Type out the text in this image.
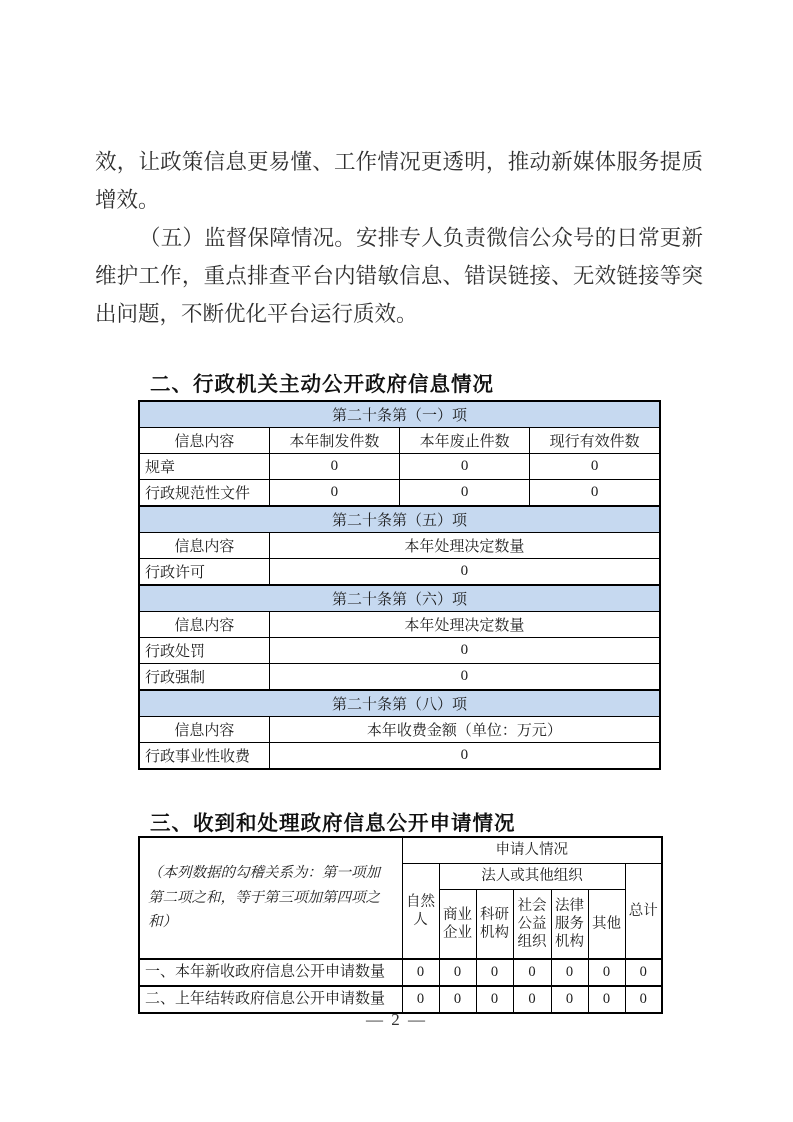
效，让政策信息更易懂、工作情况更透明，推动新媒体服务提质增效。

（五）监督保障情况。安排专人负责微信公众号的日常更新维护工作，重点排查平台内错敏信息、错误链接、无效链接等突出问题，不断优化平台运行质效。

二、行政机关主动公开政府信息情况
第二十条第（一）项			
信息内容	本年制发件数	本年废止件数	现行有效件数
规章	0	0	0
行政规范性文件	0	0	0
第二十条第（五）项			
信息内容	本年处理决定数量		
行政许可	0		
第二十条第（六）项			
信息内容	本年处理决定数量		
行政处罚	0		
行政强制	0		
第二十条第（八）项			
信息内容	本年收费金额（单位：万元）		
行政事业性收费	0		
三、收到和处理政府信息公开申请情况
（本列数据的勾稽关系为：第一项加第二项之和，等于第三项加第四项之和）	申请人情况						
	自然人	法人或其他组织					总计
		商业企业	科研机构	社会公益组织	法律服务机构	其他	
一、本年新收政府信息公开申请数量	0	0	0	0	0	0	0
二、上年结转政府信息公开申请数量	0	0	0	0	0	0	0
— 2 —
